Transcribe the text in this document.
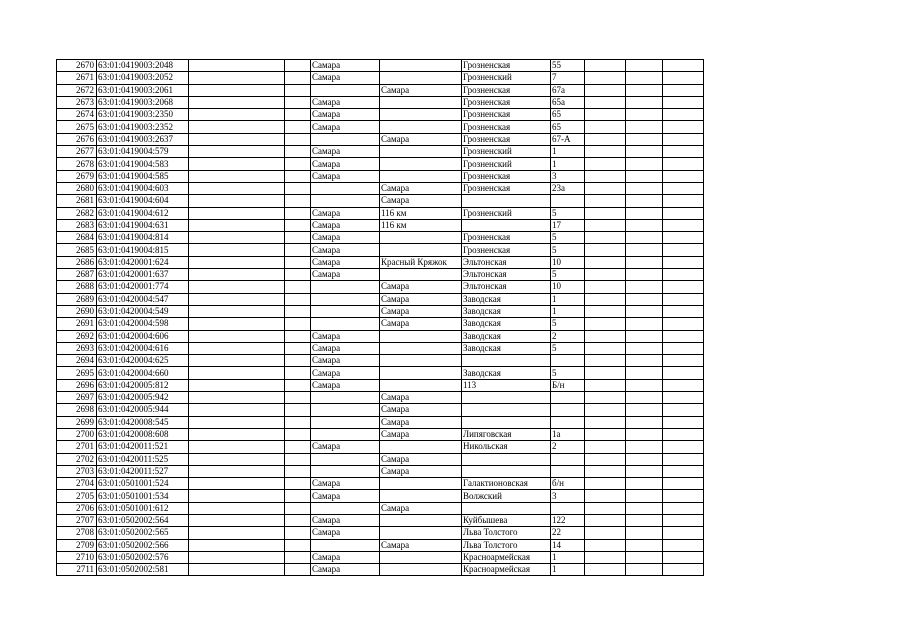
2670	63:01:0419003:2048			Самара		Грозненская	55			
2671	63:01:0419003:2052			Самара		Грозненский	7			
2672	63:01:0419003:2061				Самара	Грозненская	67а			
2673	63:01:0419003:2068			Самара		Грозненская	65а			
2674	63:01:0419003:2350			Самара		Грозненская	65			
2675	63:01:0419003:2352			Самара		Грозненская	65			
2676	63:01:0419003:2637				Самара	Грозненская	67-А			
2677	63:01:0419004:579			Самара		Грозненский	1			
2678	63:01:0419004:583			Самара		Грозненский	1			
2679	63:01:0419004:585			Самара		Грозненская	3			
2680	63:01:0419004:603				Самара	Грозненская	23а			
2681	63:01:0419004:604				Самара					
2682	63:01:0419004:612			Самара	116 км	Грозненский	5			
2683	63:01:0419004:631			Самара	116 км		17			
2684	63:01:0419004:814			Самара		Грозненская	5			
2685	63:01:0419004:815			Самара		Грозненская	5			
2686	63:01:0420001:624			Самара	Красный Кряжок	Эльтонская	10			
2687	63:01:0420001:637			Самара		Эльтонская	5			
2688	63:01:0420001:774				Самара	Эльтонская	10			
2689	63:01:0420004:547				Самара	Заводская	1			
2690	63:01:0420004:549				Самара	Заводская	1			
2691	63:01:0420004:598				Самара	Заводская	5			
2692	63:01:0420004:606			Самара		Заводская	2			
2693	63:01:0420004:616			Самара		Заводская	5			
2694	63:01:0420004:625			Самара						
2695	63:01:0420004:660			Самара		Заводская	5			
2696	63:01:0420005:812			Самара		113	Б/н			
2697	63:01:0420005:942				Самара					
2698	63:01:0420005:944				Самара					
2699	63:01:0420008:545				Самара					
2700	63:01:0420008:608				Самара	Липяговская	1а			
2701	63:01:0420011:521			Самара		Никольская	2			
2702	63:01:0420011:525				Самара					
2703	63:01:0420011:527				Самара					
2704	63:01:0501001:524			Самара		Галактионовская	б/н			
2705	63:01:0501001:534			Самара		Волжский	3			
2706	63:01:0501001:612				Самара					
2707	63:01:0502002:564			Самара		Куйбышева	122			
2708	63:01:0502002:565			Самара		Льва Толстого	22			
2709	63:01:0502002:566				Самара	Льва Толстого	14			
2710	63:01:0502002:576			Самара		Красноармейская	1			
2711	63:01:0502002:581			Самара		Красноармейская	1			
